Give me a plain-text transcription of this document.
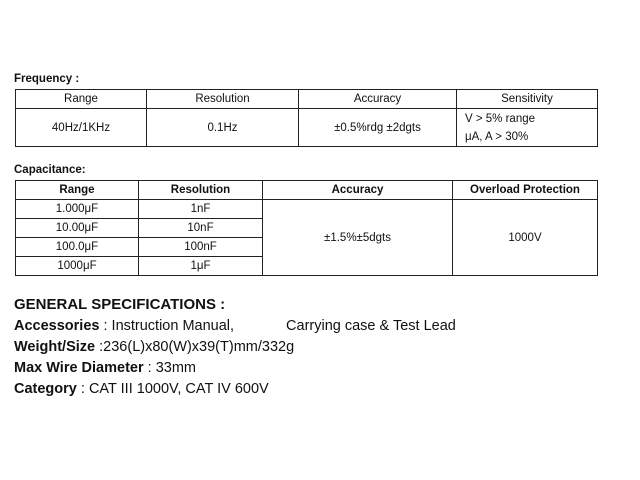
Frequency :
Range	Resolution	Accuracy	Sensitivity
40Hz/1KHz	0.1Hz	±0.5%rdg ±2dgts	V > 5% range
μA, A > 30%
Capacitance:
Range	Resolution	Accuracy	Overload Protection
1.000μF	1nF	±1.5%±5dgts	1000V
10.00μF	10nF		
100.0μF	100nF		
1000μF	1μF		
GENERAL SPECIFICATIONS :
Accessories : Instruction Manual,	Carrying case & Test Lead
Weight/Size :236(L)x80(W)x39(T)mm/332g
Max Wire Diameter : 33mm
Category : CAT III 1000V, CAT IV 600V
